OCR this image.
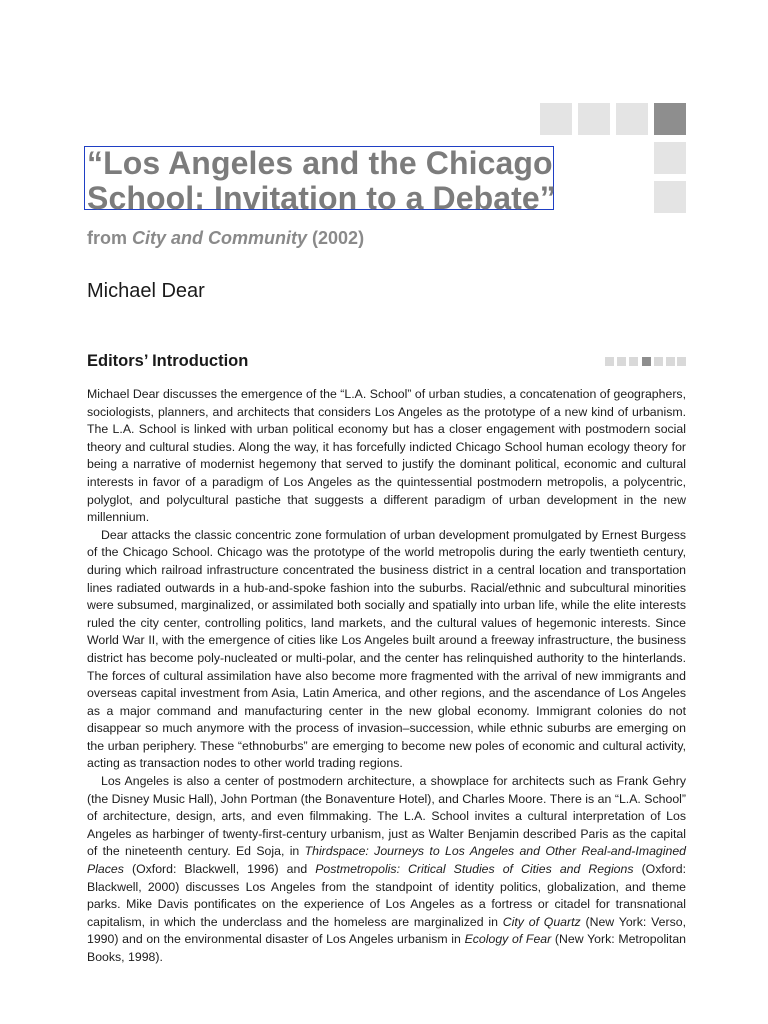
“Los Angeles and the Chicago
School: Invitation to a Debate”
from City and Community (2002)
Michael Dear
Editors’ Introduction

Michael Dear discusses the emergence of the “L.A. School” of urban studies, a concatenation of geographers, sociologists, planners, and architects that considers Los Angeles as the prototype of a new kind of urbanism. The L.A. School is linked with urban political economy but has a closer engagement with postmodern social theory and cultural studies. Along the way, it has forcefully indicted Chicago School human ecology theory for being a narrative of modernist hegemony that served to justify the dominant political, economic and cultural interests in favor of a paradigm of Los Angeles as the quintessential postmodern metropolis, a polycentric, polyglot, and polycultural pastiche that suggests a different paradigm of urban development in the new millennium.

Dear attacks the classic concentric zone formulation of urban development promulgated by Ernest Burgess of the Chicago School. Chicago was the prototype of the world metropolis during the early twentieth century, during which railroad infrastructure concentrated the business district in a central location and transportation lines radiated outwards in a hub-and-spoke fashion into the suburbs. Racial/ethnic and subcultural minorities were subsumed, marginalized, or assimilated both socially and spatially into urban life, while the elite interests ruled the city center, controlling politics, land markets, and the cultural values of hegemonic interests. Since World War II, with the emergence of cities like Los Angeles built around a freeway infrastructure, the business district has become poly-nucleated or multi-polar, and the center has relinquished authority to the hinterlands. The forces of cultural assimilation have also become more fragmented with the arrival of new immigrants and overseas capital investment from Asia, Latin America, and other regions, and the ascendance of Los Angeles as a major command and manufacturing center in the new global economy. Immigrant colonies do not disappear so much anymore with the process of invasion–succession, while ethnic suburbs are emerging on the urban periphery. These “ethnoburbs” are emerging to become new poles of economic and cultural activity, acting as transaction nodes to other world trading regions.

Los Angeles is also a center of postmodern architecture, a showplace for architects such as Frank Gehry (the Disney Music Hall), John Portman (the Bonaventure Hotel), and Charles Moore. There is an “L.A. School” of architecture, design, arts, and even filmmaking. The L.A. School invites a cultural interpretation of Los Angeles as harbinger of twenty-first-century urbanism, just as Walter Benjamin described Paris as the capital of the nineteenth century. Ed Soja, in Thirdspace: Journeys to Los Angeles and Other Real-and-Imagined Places (Oxford: Blackwell, 1996) and Postmetropolis: Critical Studies of Cities and Regions (Oxford: Blackwell, 2000) discusses Los Angeles from the standpoint of identity politics, globalization, and theme parks. Mike Davis pontificates on the experience of Los Angeles as a fortress or citadel for transnational capitalism, in which the underclass and the homeless are marginalized in City of Quartz (New York: Verso, 1990) and on the environmental disaster of Los Angeles urbanism in Ecology of Fear (New York: Metropolitan Books, 1998).
